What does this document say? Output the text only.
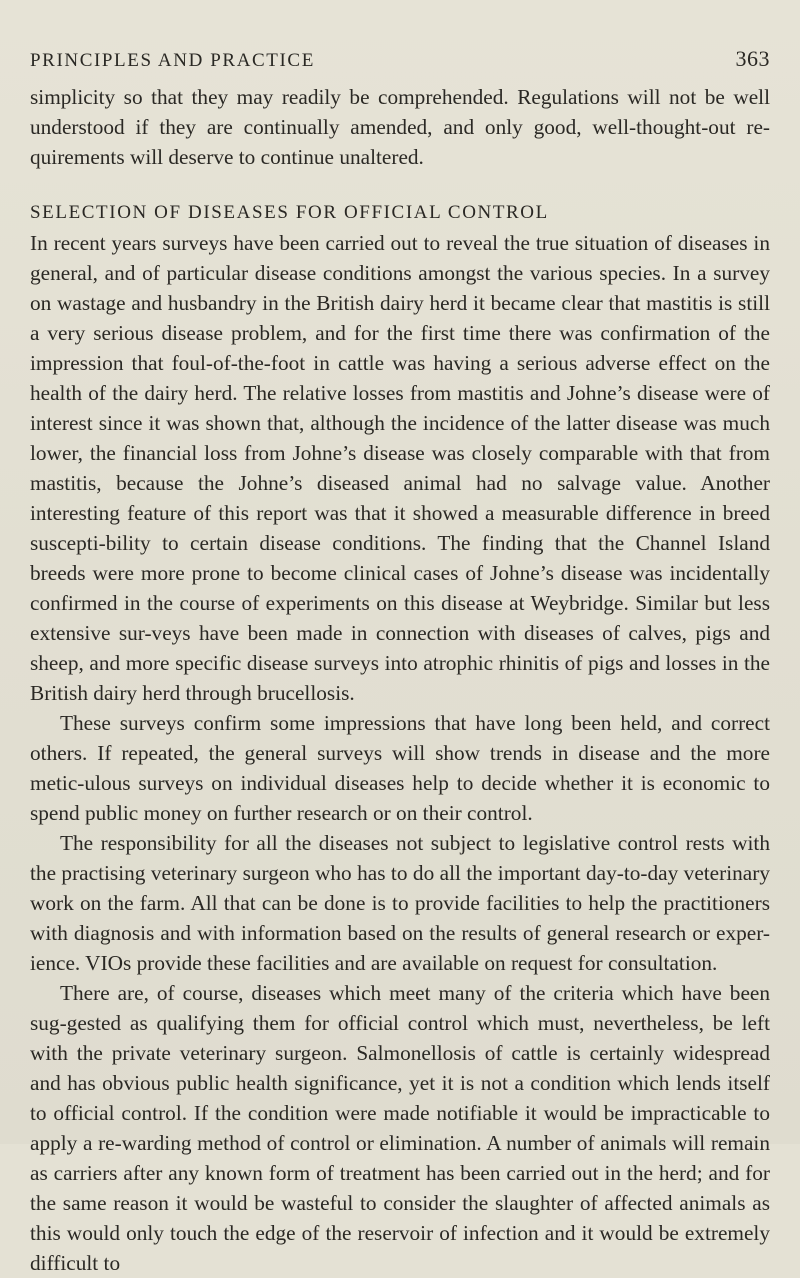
PRINCIPLES AND PRACTICE	363

simplicity so that they may readily be comprehended. Regulations will not be well understood if they are continually amended, and only good, well-thought-out re-quirements will deserve to continue unaltered.

SELECTION OF DISEASES FOR OFFICIAL CONTROL

In recent years surveys have been carried out to reveal the true situation of diseases in general, and of particular disease conditions amongst the various species. In a survey on wastage and husbandry in the British dairy herd it became clear that mastitis is still a very serious disease problem, and for the first time there was confirmation of the impression that foul-of-the-foot in cattle was having a serious adverse effect on the health of the dairy herd. The relative losses from mastitis and Johne’s disease were of interest since it was shown that, although the incidence of the latter disease was much lower, the financial loss from Johne’s disease was closely comparable with that from mastitis, because the Johne’s diseased animal had no salvage value. Another interesting feature of this report was that it showed a measurable difference in breed suscepti-bility to certain disease conditions. The finding that the Channel Island breeds were more prone to become clinical cases of Johne’s disease was incidentally confirmed in the course of experiments on this disease at Weybridge. Similar but less extensive sur-veys have been made in connection with diseases of calves, pigs and sheep, and more specific disease surveys into atrophic rhinitis of pigs and losses in the British dairy herd through brucellosis.

These surveys confirm some impressions that have long been held, and correct others. If repeated, the general surveys will show trends in disease and the more metic-ulous surveys on individual diseases help to decide whether it is economic to spend public money on further research or on their control.

The responsibility for all the diseases not subject to legislative control rests with the practising veterinary surgeon who has to do all the important day-to-day veterinary work on the farm. All that can be done is to provide facilities to help the practitioners with diagnosis and with information based on the results of general research or exper-ience. VIOs provide these facilities and are available on request for consultation.

There are, of course, diseases which meet many of the criteria which have been sug-gested as qualifying them for official control which must, nevertheless, be left with the private veterinary surgeon. Salmonellosis of cattle is certainly widespread and has obvious public health significance, yet it is not a condition which lends itself to official control. If the condition were made notifiable it would be impracticable to apply a re-warding method of control or elimination. A number of animals will remain as carriers after any known form of treatment has been carried out in the herd; and for the same reason it would be wasteful to consider the slaughter of affected animals as this would only touch the edge of the reservoir of infection and it would be extremely difficult to
